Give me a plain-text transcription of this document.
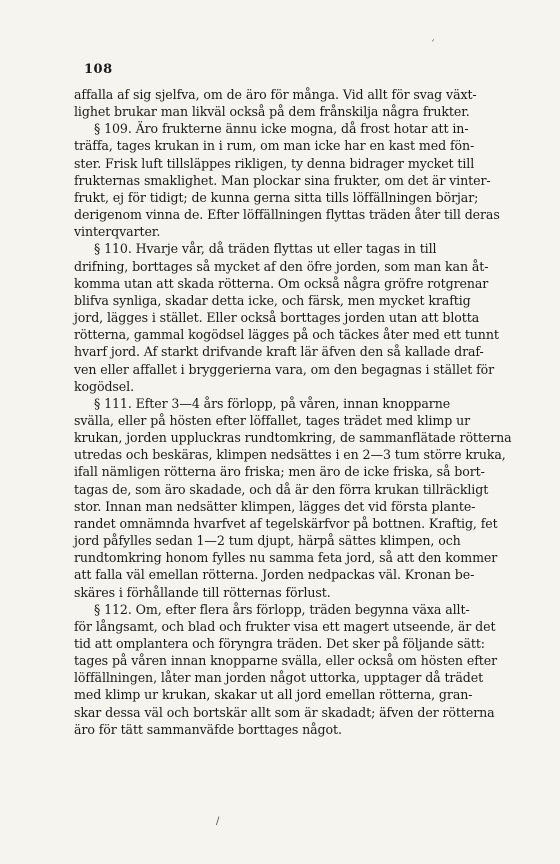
108
´
/
affalla af sig sjelfva, om de äro för många. Vid allt för svag växt-
lighet brukar man likväl också på dem frånskilja några frukter.
§ 109. Äro frukterne ännu icke mogna, då frost hotar att in-
träffa, tages krukan in i rum, om man icke har en kast med fön-
ster. Frisk luft tillsläppes rikligen, ty denna bidrager mycket till
frukternas smaklighet. Man plockar sina frukter, om det är vinter-
frukt, ej för tidigt; de kunna gerna sitta tills löffällningen börjar;
derigenom vinna de. Efter löffällningen flyttas träden åter till deras
vinterqvarter.
§ 110. Hvarje vår, då träden flyttas ut eller tagas in till
drifning, borttages så mycket af den öfre jorden, som man kan åt-
komma utan att skada rötterna. Om också några gröfre rotgrenar
blifva synliga, skadar detta icke, och färsk, men mycket kraftig
jord, lägges i stället. Eller också borttages jorden utan att blotta
rötterna, gammal kogödsel lägges på och täckes åter med ett tunnt
hvarf jord. Af starkt drifvande kraft lär äfven den så kallade draf-
ven eller affallet i bryggerierna vara, om den begagnas i stället för
kogödsel.
§ 111. Efter 3—4 års förlopp, på våren, innan knopparne
svälla, eller på hösten efter löffallet, tages trädet med klimp ur
krukan, jorden uppluckras rundtomkring, de sammanflätade rötterna
utredas och beskäras, klimpen nedsättes i en 2—3 tum större kruka,
ifall nämligen rötterna äro friska; men äro de icke friska, så bort-
tagas de, som äro skadade, och då är den förra krukan tillräckligt
stor. Innan man nedsätter klimpen, lägges det vid första plante-
randet omnämnda hvarfvet af tegelskärfvor på bottnen. Kraftig, fet
jord påfylles sedan 1—2 tum djupt, härpå sättes klimpen, och
rundtomkring honom fylles nu samma feta jord, så att den kommer
att falla väl emellan rötterna. Jorden nedpackas väl. Kronan be-
skäres i förhållande till rötternas förlust.
§ 112. Om, efter flera års förlopp, träden begynna växa allt-
för långsamt, och blad och frukter visa ett magert utseende, är det
tid att omplantera och föryngra träden. Det sker på följande sätt:
tages på våren innan knopparne svälla, eller också om hösten efter
löffällningen, låter man jorden något uttorka, upptager då trädet
med klimp ur krukan, skakar ut all jord emellan rötterna, gran-
skar dessa väl och bortskär allt som är skadadt; äfven der rötterna
äro för tätt sammanväfde borttages något.
